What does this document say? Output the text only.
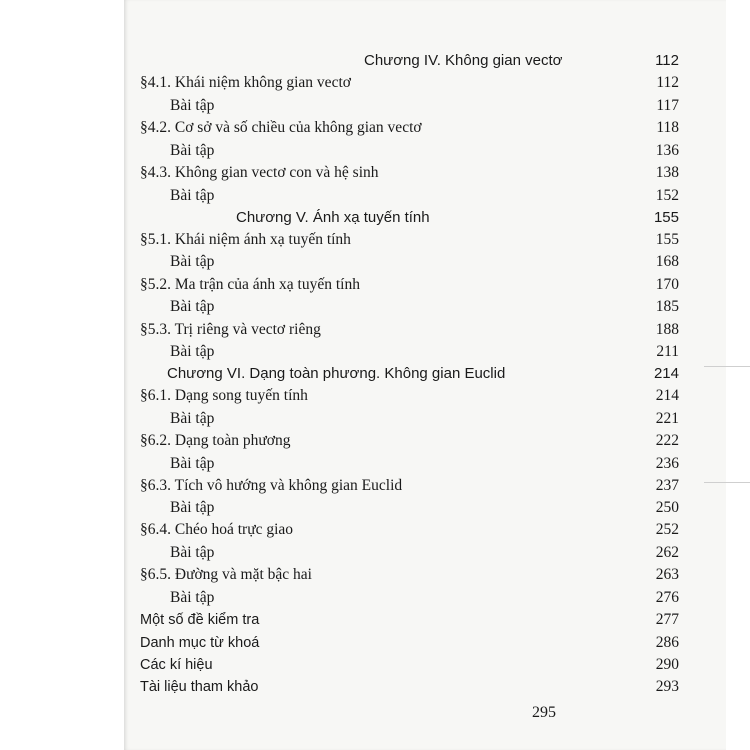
Chương IV. Không gian vectơ	112
§4.1. Khái niệm không gian vectơ	112
Bài tập	117
§4.2. Cơ sở và số chiều của không gian vectơ	118
Bài tập	136
§4.3. Không gian vectơ con và hệ sinh	138
Bài tập	152
Chương V. Ánh xạ tuyến tính	155
§5.1. Khái niệm ánh xạ tuyến tính	155
Bài tập	168
§5.2. Ma trận của ánh xạ tuyến tính	170
Bài tập	185
§5.3. Trị riêng và vectơ riêng	188
Bài tập	211
Chương VI. Dạng toàn phương. Không gian Euclid	214
§6.1. Dạng song tuyến tính	214
Bài tập	221
§6.2. Dạng toàn phương	222
Bài tập	236
§6.3. Tích vô hướng và không gian Euclid	237
Bài tập	250
§6.4. Chéo hoá trực giao	252
Bài tập	262
§6.5. Đường và mặt bậc hai	263
Bài tập	276
Một số đề kiểm tra	277
Danh mục từ khoá	286
Các kí hiệu	290
Tài liệu tham khảo	293
295
